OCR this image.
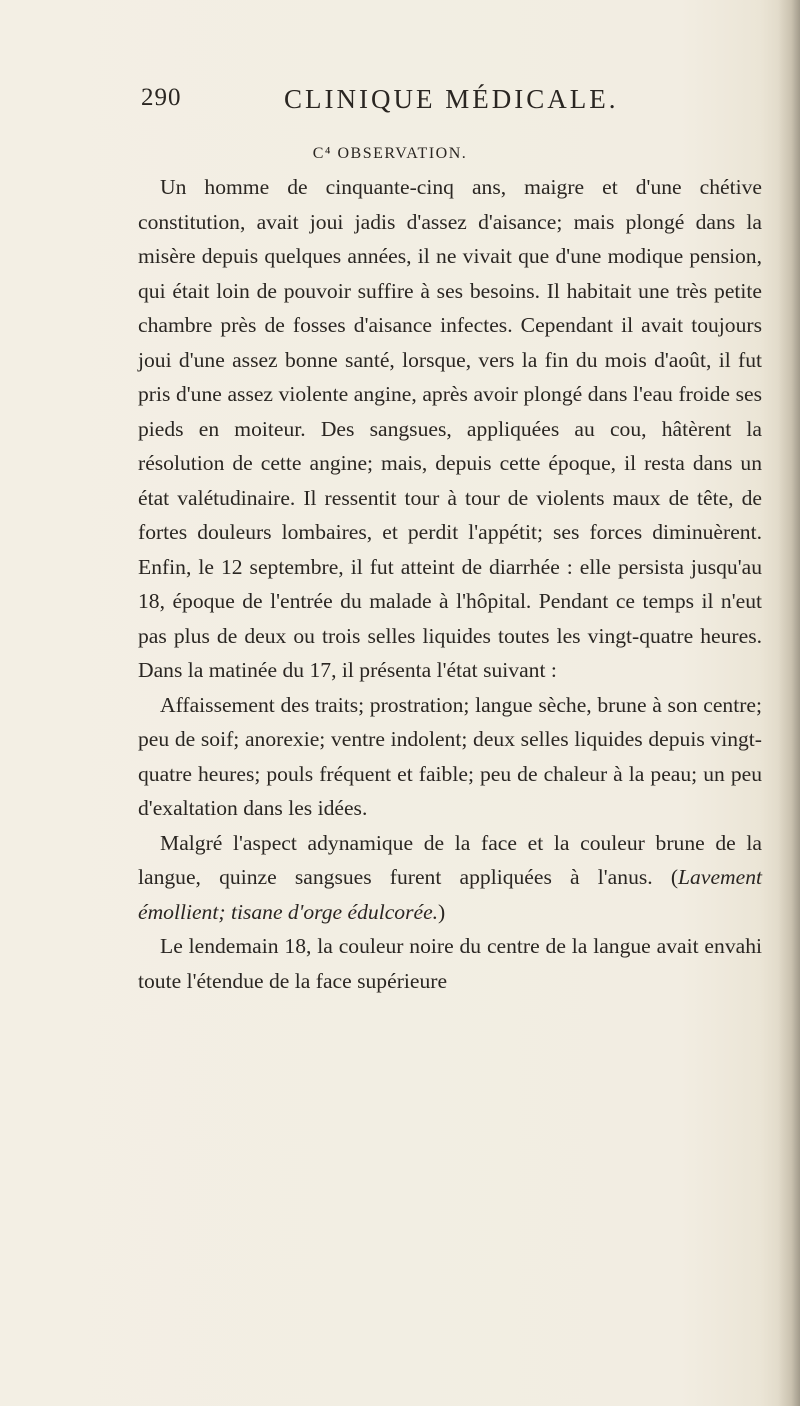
290	CLINIQUE MÉDICALE.
C⁴ OBSERVATION.

Un homme de cinquante-cinq ans, maigre et d'une chétive constitution, avait joui jadis d'assez d'aisance; mais plongé dans la misère depuis quelques années, il ne vivait que d'une modique pension, qui était loin de pouvoir suffire à ses besoins. Il habitait une très petite chambre près de fosses d'aisance infectes. Cependant il avait toujours joui d'une assez bonne santé, lorsque, vers la fin du mois d'août, il fut pris d'une assez violente angine, après avoir plongé dans l'eau froide ses pieds en moiteur. Des sangsues, appliquées au cou, hâtèrent la résolution de cette angine; mais, depuis cette époque, il resta dans un état valétudinaire. Il ressentit tour à tour de violents maux de tête, de fortes douleurs lombaires, et perdit l'appétit; ses forces diminuèrent. Enfin, le 12 septembre, il fut atteint de diarrhée : elle persista jusqu'au 18, époque de l'entrée du malade à l'hôpital. Pendant ce temps il n'eut pas plus de deux ou trois selles liquides toutes les vingt-quatre heures. Dans la matinée du 17, il présenta l'état suivant :

Affaissement des traits; prostration; langue sèche, brune à son centre; peu de soif; anorexie; ventre indolent; deux selles liquides depuis vingt-quatre heures; pouls fréquent et faible; peu de chaleur à la peau; un peu d'exaltation dans les idées.

Malgré l'aspect adynamique de la face et la couleur brune de la langue, quinze sangsues furent appliquées à l'anus. (Lavement émollient; tisane d'orge édulcorée.)

Le lendemain 18, la couleur noire du centre de la langue avait envahi toute l'étendue de la face supérieure
